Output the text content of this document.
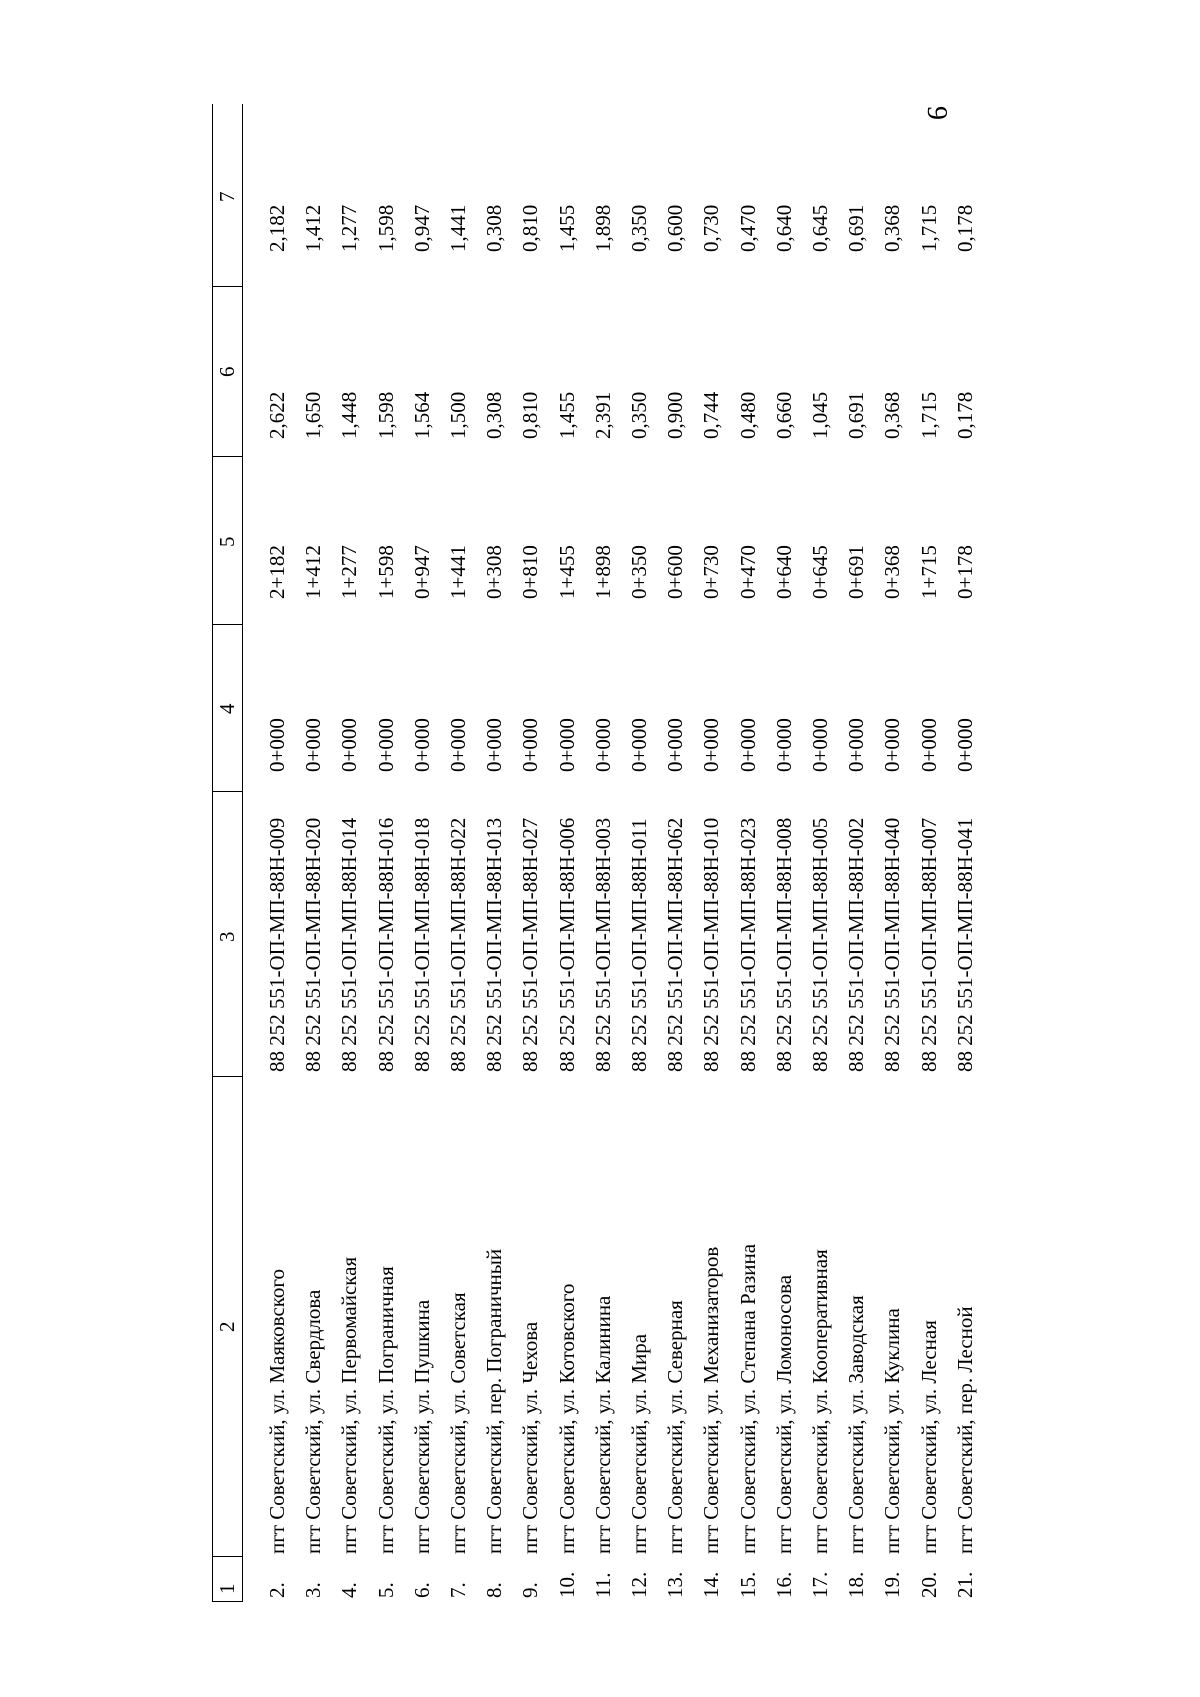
9
1
2
3
4
5
6
7
2.
пгт Советский, ул. Маяковского
88 252 551-ОП-МП-88Н-009
0+000
2+182
2,622
2,182
3.
пгт Советский, ул. Свердлова
88 252 551-ОП-МП-88Н-020
0+000
1+412
1,650
1,412
4.
пгт Советский, ул. Первомайская
88 252 551-ОП-МП-88Н-014
0+000
1+277
1,448
1,277
5.
пгт Советский, ул. Пограничная
88 252 551-ОП-МП-88Н-016
0+000
1+598
1,598
1,598
6.
пгт Советский, ул. Пушкина
88 252 551-ОП-МП-88Н-018
0+000
0+947
1,564
0,947
7.
пгт Советский, ул. Советская
88 252 551-ОП-МП-88Н-022
0+000
1+441
1,500
1,441
8.
пгт Советский, пер. Пограничный
88 252 551-ОП-МП-88Н-013
0+000
0+308
0,308
0,308
9.
пгт Советский, ул. Чехова
88 252 551-ОП-МП-88Н-027
0+000
0+810
0,810
0,810
10.
пгт Советский, ул. Котовского
88 252 551-ОП-МП-88Н-006
0+000
1+455
1,455
1,455
11.
пгт Советский, ул. Калинина
88 252 551-ОП-МП-88Н-003
0+000
1+898
2,391
1,898
12.
пгт Советский, ул. Мира
88 252 551-ОП-МП-88Н-011
0+000
0+350
0,350
0,350
13.
пгт Советский, ул. Северная
88 252 551-ОП-МП-88Н-062
0+000
0+600
0,900
0,600
14.
пгт Советский, ул. Механизаторов
88 252 551-ОП-МП-88Н-010
0+000
0+730
0,744
0,730
15.
пгт Советский, ул. Степана Разина
88 252 551-ОП-МП-88Н-023
0+000
0+470
0,480
0,470
16.
пгт Советский, ул. Ломоносова
88 252 551-ОП-МП-88Н-008
0+000
0+640
0,660
0,640
17.
пгт Советский, ул. Кооперативная
88 252 551-ОП-МП-88Н-005
0+000
0+645
1,045
0,645
18.
пгт Советский, ул. Заводская
88 252 551-ОП-МП-88Н-002
0+000
0+691
0,691
0,691
19.
пгт Советский, ул. Куклина
88 252 551-ОП-МП-88Н-040
0+000
0+368
0,368
0,368
20.
пгт Советский, ул. Лесная
88 252 551-ОП-МП-88Н-007
0+000
1+715
1,715
1,715
21.
пгт Советский, пер. Лесной
88 252 551-ОП-МП-88Н-041
0+000
0+178
0,178
0,178
